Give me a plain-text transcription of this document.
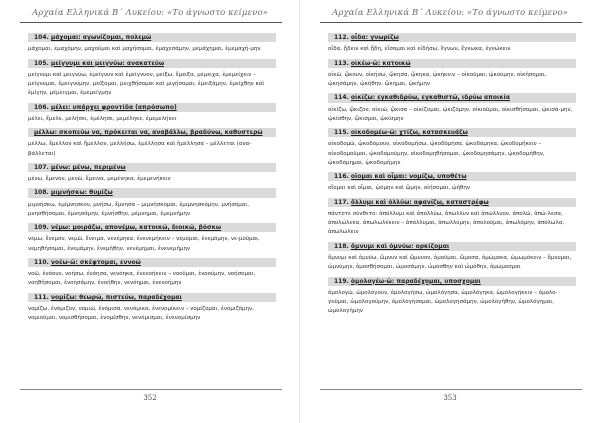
Αρχαία Ελληνικά Β΄ Λυκείου: «Το άγνωστο κείμενο»
104. μάχομαι: αγωνίζομαι, πολεμώ
μάχομαι, έμαχόμην, μαχοῦμαι καὶ μαχήσομαι, ἐμαχεσάμην, μεμάχημαι, ἐμεμαχή-μην
105. μείγνυμι και μειγνύω: ανακατεύω
μείγνυμι καὶ μειγνύω, ἐμείγνυν καὶ ἐμείγνυον, μείξω, ἔμειξα, μέμειχα, ἐμεμείχειν – μείγνυμαι, ἐμειγνύμην, μείξομαι, μειχθήσομαι καὶ μιγήσομαι, ἐμειξάμην, ἐμείχθην καὶ ἐμίγην, μέμειγμαι, ἐμεμείγμην
106. μέλει: υπάρχει φροντίδα (απρόσωπο)
μέλει, ἔμελε, μελήσει, ἐμέλησε, μεμέληκε, ἐμεμελήκει
μέλλω: σκοπεύω να, πρόκειται να, αναβάλλω, βραδύνω, καθυστερώ
μέλλω, ἔμελλον καὶ ἤμελλον, μελλήσω, ἐμέλλησα καὶ ἠμέλλησα – μέλλεται (ανα-βάλλεται)
107. μένω: μένω, περιμένω
μένω, ἔμενον, μενῶ, ἔμεινα, μεμένηκα, ἐμεμενήκειν
108. μιμνήσκω: θυμίζω
μιμνήσκω, ἐμίμνησκον, μνήσω, ἔμνησα – μιμνήσκομαι, ἐμιμνησκόμην, μνήσομαι, μνησθήσομαι, ἐμνησάμην, ἐμνήσθην, μέμνημαι, ἐμεμνήμην
109. νέμω: μοιράζω, απονέμω, κατοικώ, διοικώ, βόσκω
νέμω, ἔνεμον, νεμῶ, ἔνειμα, νενέμηκα, ἐνενεμήκειν – νέμομαι, ἐνεμόμην, νε-μοῦμαι, νεμηθήσομαι, ἐνεμάμην, ἐνεμήθην, νενέμημαι, ἐνενεμήμην
110. νοέω-ῶ: σκέφτομαι, εννοώ
νοῶ, ἐνόουν, νοήσω, ἐνόησα, νενόηκα, ἐνενοήκειν – νοοῦμαι, ἐνοούμην, νοήσομαι, νοηθήσομαι, ἐνοησάμην, ἐνοήθην, νενόημαι, ἐνενοήμην
111. νομίζω: θεωρώ, πιστεύω, παραδέχομαι
νομίζω, ἐνόμιζον, νομιῶ, ἐνόμισα, νενόμικα, ἐνενομίκειν – νομίζομαι, ἐνομιζόμην, νομιοῦμαι, νομισθήσομαι, ἐνομίσθην, νενόμισμαι, ἐνενομίσμην
352
Αρχαία Ελληνικά Β΄ Λυκείου: «Το άγνωστο κείμενο»
112. οἶδα: γνωρίζω
οἶδα, ᾔδειν καὶ ᾔδη, εἴσομαι καὶ εἰδήσω, ἔγνων, ἔγνωκα, ἐγνώκειν
113. οἰκέω-ῶ: κατοικώ
οἰκῶ, ᾤκουν, οἰκήσω, ᾤκησα, ᾤκηκα, ᾠκήκειν – οἰκοῦμαι, ᾠκούμην, οἰκήσομαι, ᾠκησάμην, ᾠκήθην, ᾤκημαι, ᾠκήμην
114. οἰκίζω: εγκαθιδρύω, εγκαθιστώ, ιδρύω αποικία
οἰκίζω, ᾤκιζον, οἰκιῶ, ᾤκισα – οἰκίζομαι, ᾠκιζόμην, οἰκιοῦμαι, οἰκισθήσομαι, ᾠκισά-μην, ᾠκίσθην, ᾤκισμαι, ᾠκίσμην
115. οἰκοδομέω-ῶ: χτίζω, κατασκευάζω
οἰκοδομῶ, ᾠκοδόμουν, οἰκοδομήσω, ᾠκοδόμησα, ᾠκοδόμηκα, ᾠκοδομήκειν – οἰκοδομοῦμαι, ᾠκοδομούμην, οἰκοδομηθήσομαι, ᾠκοδομησάμην, ᾠκοδομήθην, ᾠκοδόμημαι, ᾠκοδομήμην
116. οἴομαι καὶ οἶμαι: νομίζω, υποθέτω
οἴομαι καὶ οἶμαι, ᾠόμην καὶ ᾤμην, οἰήσομαι, ᾠήθην
117. ὄλλυμι καὶ ὀλλύω: αφανίζω, καταστρέφω
πάντοτε σύνθετο: ἀπόλλυμι καὶ ἀπολλύω, ἀπώλλυν καὶ ἀπώλλυον, ἀπολῶ, ἀπώ-λεσα, ἀπολώλεκα, ἀπωλωλέκειν – ἀπόλλυμαι, ἀπωλλύμην, ἀπολοῦμαι, ἀπωλόμην, ἀπόλωλα, ἀπωλώλειν
118. ὄμνυμι καὶ ὀμνύω: ορκίζομαι
ὄμνυμι καὶ ὀμνύω, ὤμνυν καὶ ὤμνυον, ὀμοῦμαι, ὤμοσα, ὀμώμοκα, ὠμωμόκειν – ὄμνυμαι, ὠμνύμην, ὀμοσθήσομαι, ὠμοσάμην, ὠμόσθην καὶ ὠμόθην, ὀμώμοσμαι
119. ὁμολογέω-ῶ: παραδέχομαι, υποσχομαι
ὁμολογῶ, ὡμολόγουν, ὁμολογήσω, ὡμολόγησα, ὡμολόγηκα, ὡμολογήκειν – ὁμολο-γοῦμαι, ὡμολογούμην, ὁμολογήσομαι, ὡμολογησάμην, ὡμολογήθην, ὡμολόγημαι, ὡμολογήμην
353
